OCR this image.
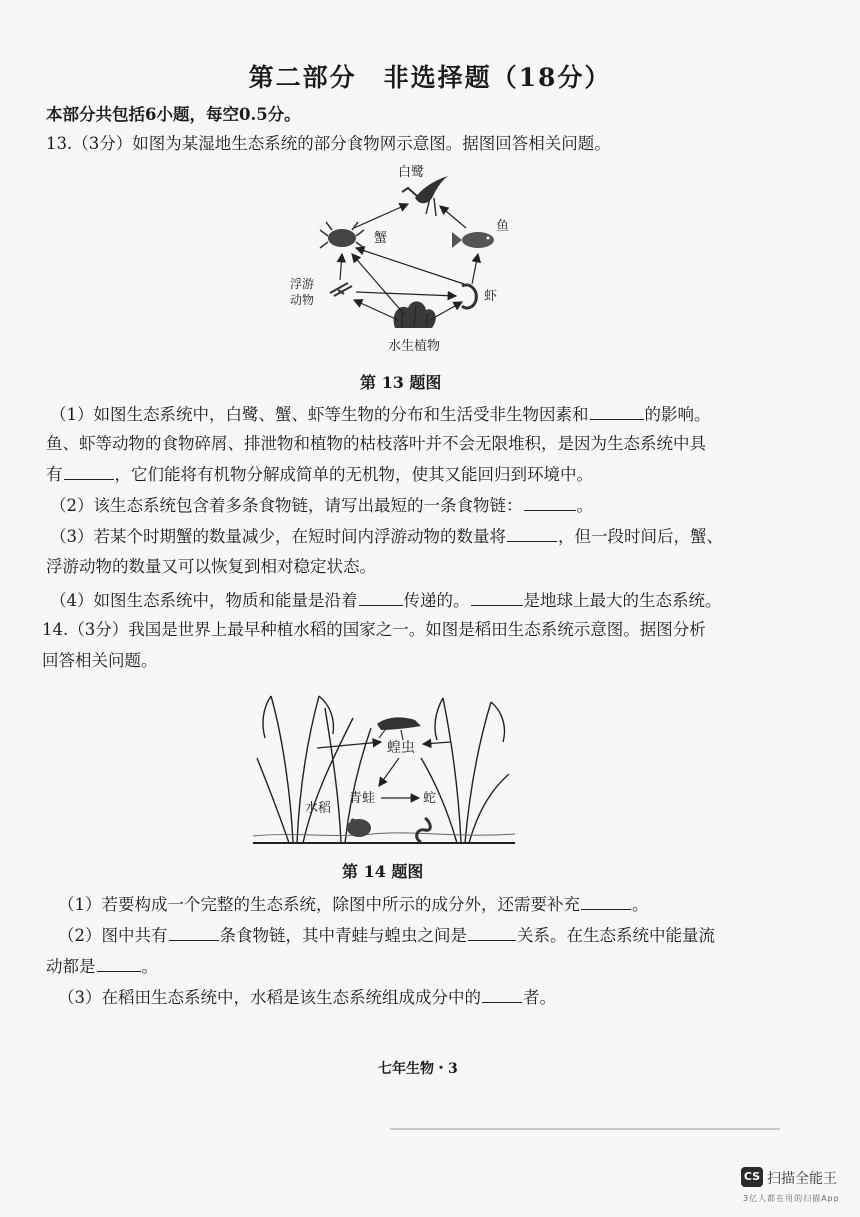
第二部分　非选择题（18分）
本部分共包括6小题，每空0.5分。
13.（3分）如图为某湿地生态系统的部分食物网示意图。据图回答相关问题。
白鹭
蟹
鱼
浮游
动物	虾
水生植物
第 13 题图
（1）如图生态系统中，白鹭、蟹、虾等生物的分布和生活受非生物因素和	的影响。
鱼、虾等动物的食物碎屑、排泄物和植物的枯枝落叶并不会无限堆积，是因为生态系统中具
有	，它们能将有机物分解成简单的无机物，使其又能回归到环境中。
（2）该生态系统包含着多条食物链，请写出最短的一条食物链：	。
（3）若某个时期蟹的数量减少，在短时间内浮游动物的数量将	，但一段时间后，蟹、
浮游动物的数量又可以恢复到相对稳定状态。
（4）如图生态系统中，物质和能量是沿着	传递的。	是地球上最大的生态系统。
14.（3分）我国是世界上最早种植水稻的国家之一。如图是稻田生态系统示意图。据图分析
回答相关问题。
蝗虫
水稻
青蛙	蛇
第 14 题图
（1）若要构成一个完整的生态系统，除图中所示的成分外，还需要补充	。
（2）图中共有	条食物链，其中青蛙与蝗虫之间是	关系。在生态系统中能量流
动都是	。
（3）在稻田生态系统中，水稻是该生态系统组成成分中的	者。
七年生物・3
CS 扫描全能王
3亿人都在用的扫描App
